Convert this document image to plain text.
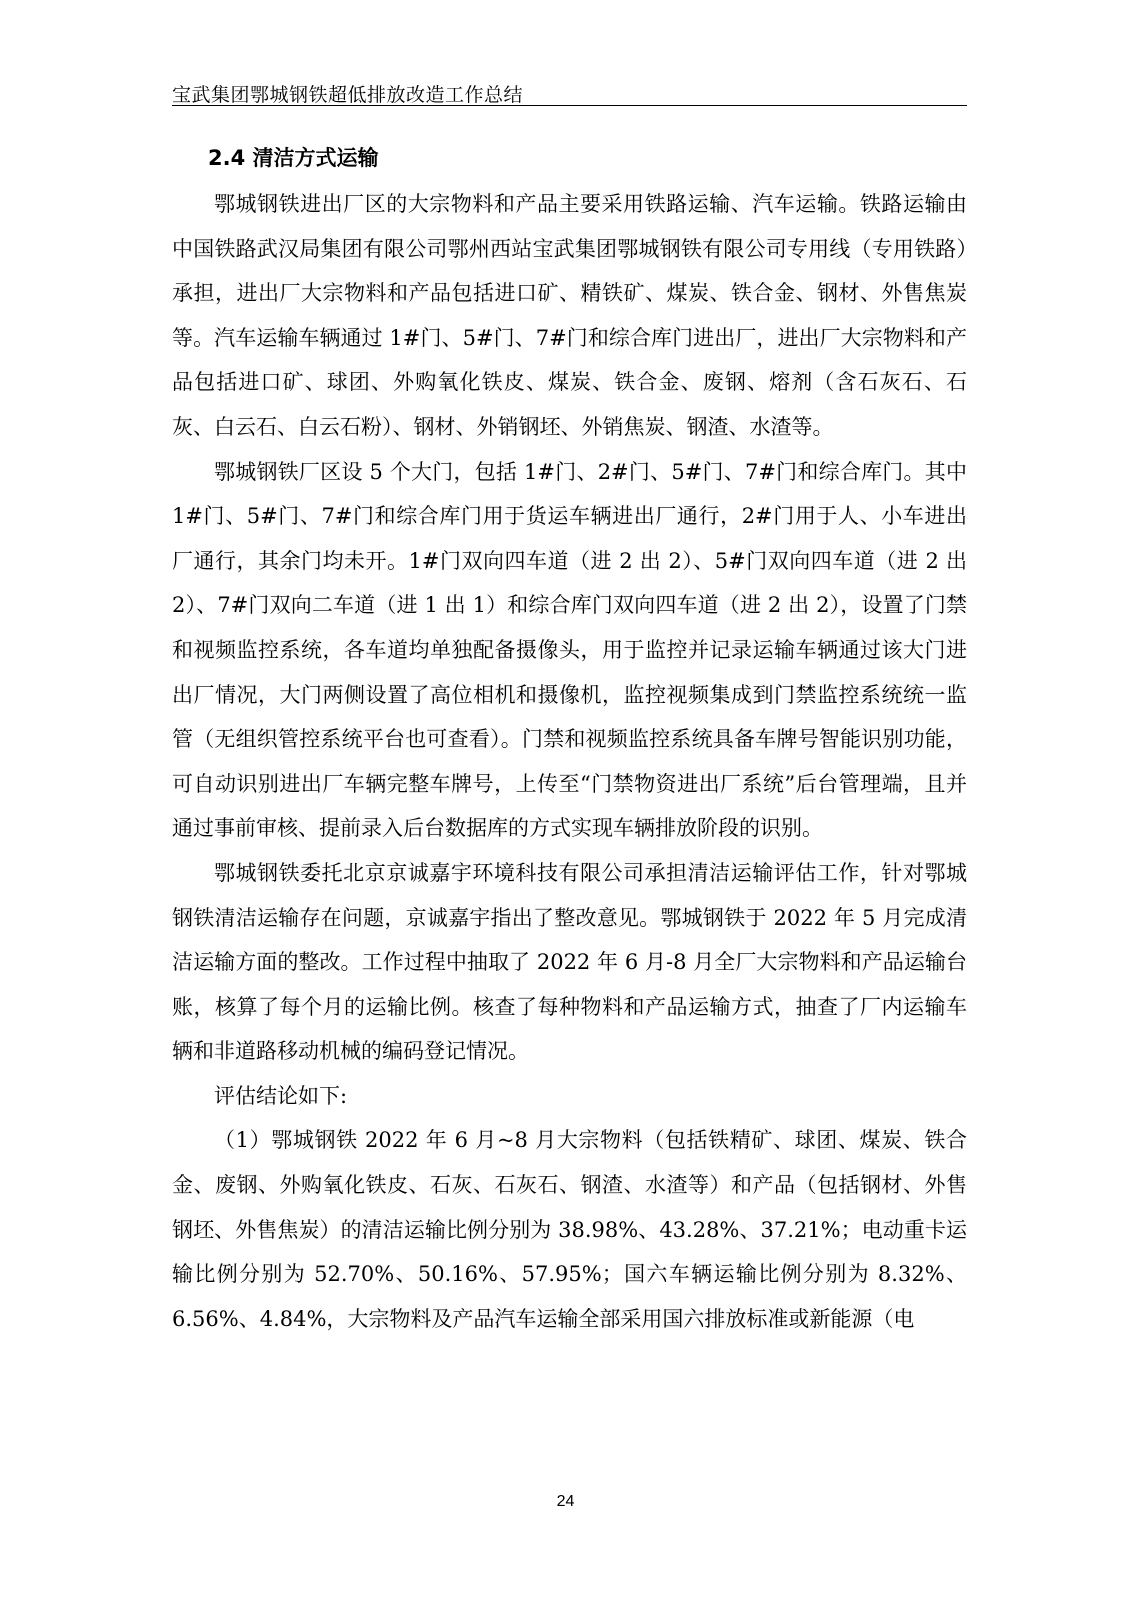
宝武集团鄂城钢铁超低排放改造工作总结
2.4 清洁方式运输

鄂城钢铁进出厂区的大宗物料和产品主要采用铁路运输、汽车运输。铁路运输由中国铁路武汉局集团有限公司鄂州西站宝武集团鄂城钢铁有限公司专用线（专用铁路）承担，进出厂大宗物料和产品包括进口矿、精铁矿、煤炭、铁合金、钢材、外售焦炭等。汽车运输车辆通过 1#门、5#门、7#门和综合库门进出厂，进出厂大宗物料和产品包括进口矿、球团、外购氧化铁皮、煤炭、铁合金、废钢、熔剂（含石灰石、石灰、白云石、白云石粉）、钢材、外销钢坯、外销焦炭、钢渣、水渣等。

鄂城钢铁厂区设 5 个大门，包括 1#门、2#门、5#门、7#门和综合库门。其中 1#门、5#门、7#门和综合库门用于货运车辆进出厂通行，2#门用于人、小车进出厂通行，其余门均未开。1#门双向四车道（进 2 出 2）、5#门双向四车道（进 2 出 2）、7#门双向二车道（进 1 出 1）和综合库门双向四车道（进 2 出 2），设置了门禁和视频监控系统，各车道均单独配备摄像头，用于监控并记录运输车辆通过该大门进出厂情况，大门两侧设置了高位相机和摄像机，监控视频集成到门禁监控系统统一监管（无组织管控系统平台也可查看）。门禁和视频监控系统具备车牌号智能识别功能，可自动识别进出厂车辆完整车牌号，上传至“门禁物资进出厂系统”后台管理端，且并通过事前审核、提前录入后台数据库的方式实现车辆排放阶段的识别。

鄂城钢铁委托北京京诚嘉宇环境科技有限公司承担清洁运输评估工作，针对鄂城钢铁清洁运输存在问题，京诚嘉宇指出了整改意见。鄂城钢铁于 2022 年 5 月完成清洁运输方面的整改。工作过程中抽取了 2022 年 6 月-8 月全厂大宗物料和产品运输台账，核算了每个月的运输比例。核查了每种物料和产品运输方式，抽查了厂内运输车辆和非道路移动机械的编码登记情况。

评估结论如下:

（1）鄂城钢铁 2022 年 6 月~8 月大宗物料（包括铁精矿、球团、煤炭、铁合金、废钢、外购氧化铁皮、石灰、石灰石、钢渣、水渣等）和产品（包括钢材、外售钢坯、外售焦炭）的清洁运输比例分别为 38.98%、43.28%、37.21%；电动重卡运输比例分别为 52.70%、50.16%、57.95%；国六车辆运输比例分别为 8.32%、6.56%、4.84%，大宗物料及产品汽车运输全部采用国六排放标准或新能源（电

24
